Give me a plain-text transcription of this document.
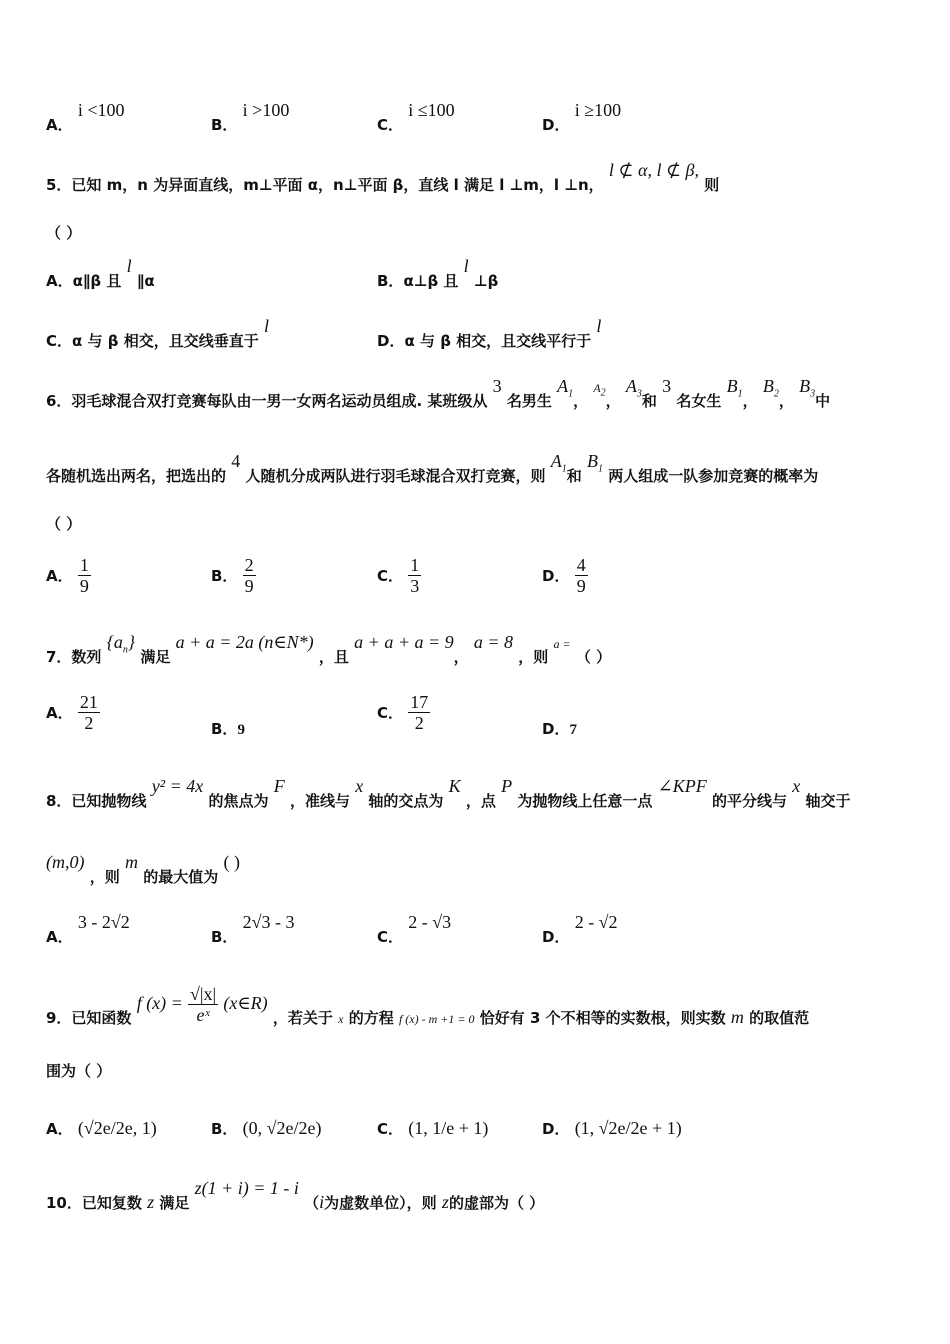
A． i <100
B． i >100
C． i ≤100
D． i ≥100
5．已知 m，n 为异面直线，m⊥平面 α，n⊥平面 β，直线 l 满足 l ⊥m，l ⊥n， l ⊄ α, l ⊄ β, 则
（ ）
A．α∥β 且 l ∥α	B．α⊥β 且 l ⊥β
C．α 与 β 相交，且交线垂直于 l
D．α 与 β 相交，且交线平行于 l
6．羽毛球混合双打竞赛每队由一男一女两名运动员组成. 某班级从 3 名男生 $A_1$， $^{A_2}$， $A_3$和 3 名女生 $B_1$， $B_2$， $B_3$中
各随机选出两名，把选出的 4 人随机分成两队进行羽毛球混合双打竞赛，则 $A_1$和 $B_1$ 两人组成一队参加竞赛的概率为
（ ）
A． $\frac{1}{9}$	B． $\frac{2}{9}$	C． $\frac{1}{3}$	D． $\frac{4}{9}$
7．数列 $\{a_n\}$ 满足 a + a = 2a (n∈N*) ，且 a + a + a = 9， a = 8 ，则 $^{a =}$ （ ）
A． $\frac{21}{2}$	B．9
C． $\frac{17}{2}$	D．7
8．已知抛物线 y² = 4x 的焦点为 F ，准线与 x 轴的交点为 K ，点 P 为抛物线上任意一点 ∠KPF 的平分线与 x 轴交于
(m,0) ，则 m 的最大值为 ( )
A． 3 - 2√2
B． 2√3 - 3
C． 2 - √3
D． 2 - √2
9．已知函数 f $(x) = \frac{√|x|}{\text{eˣ}}$ (x∈R) ，若关于 x 的方程 f (x) - m +1 = 0 恰好有 3 个不相等的实数根，则实数 m 的取值范
围为（ ）
A． (√2e/2e, 1)	B． (0, √2e/2e)	C． (1, 1/e + 1)	D． (1, √2e/2e + 1)
10．已知复数 z 满足 z(1 + i) = 1 - i （i为虚数单位），则 z的虚部为（ ）
